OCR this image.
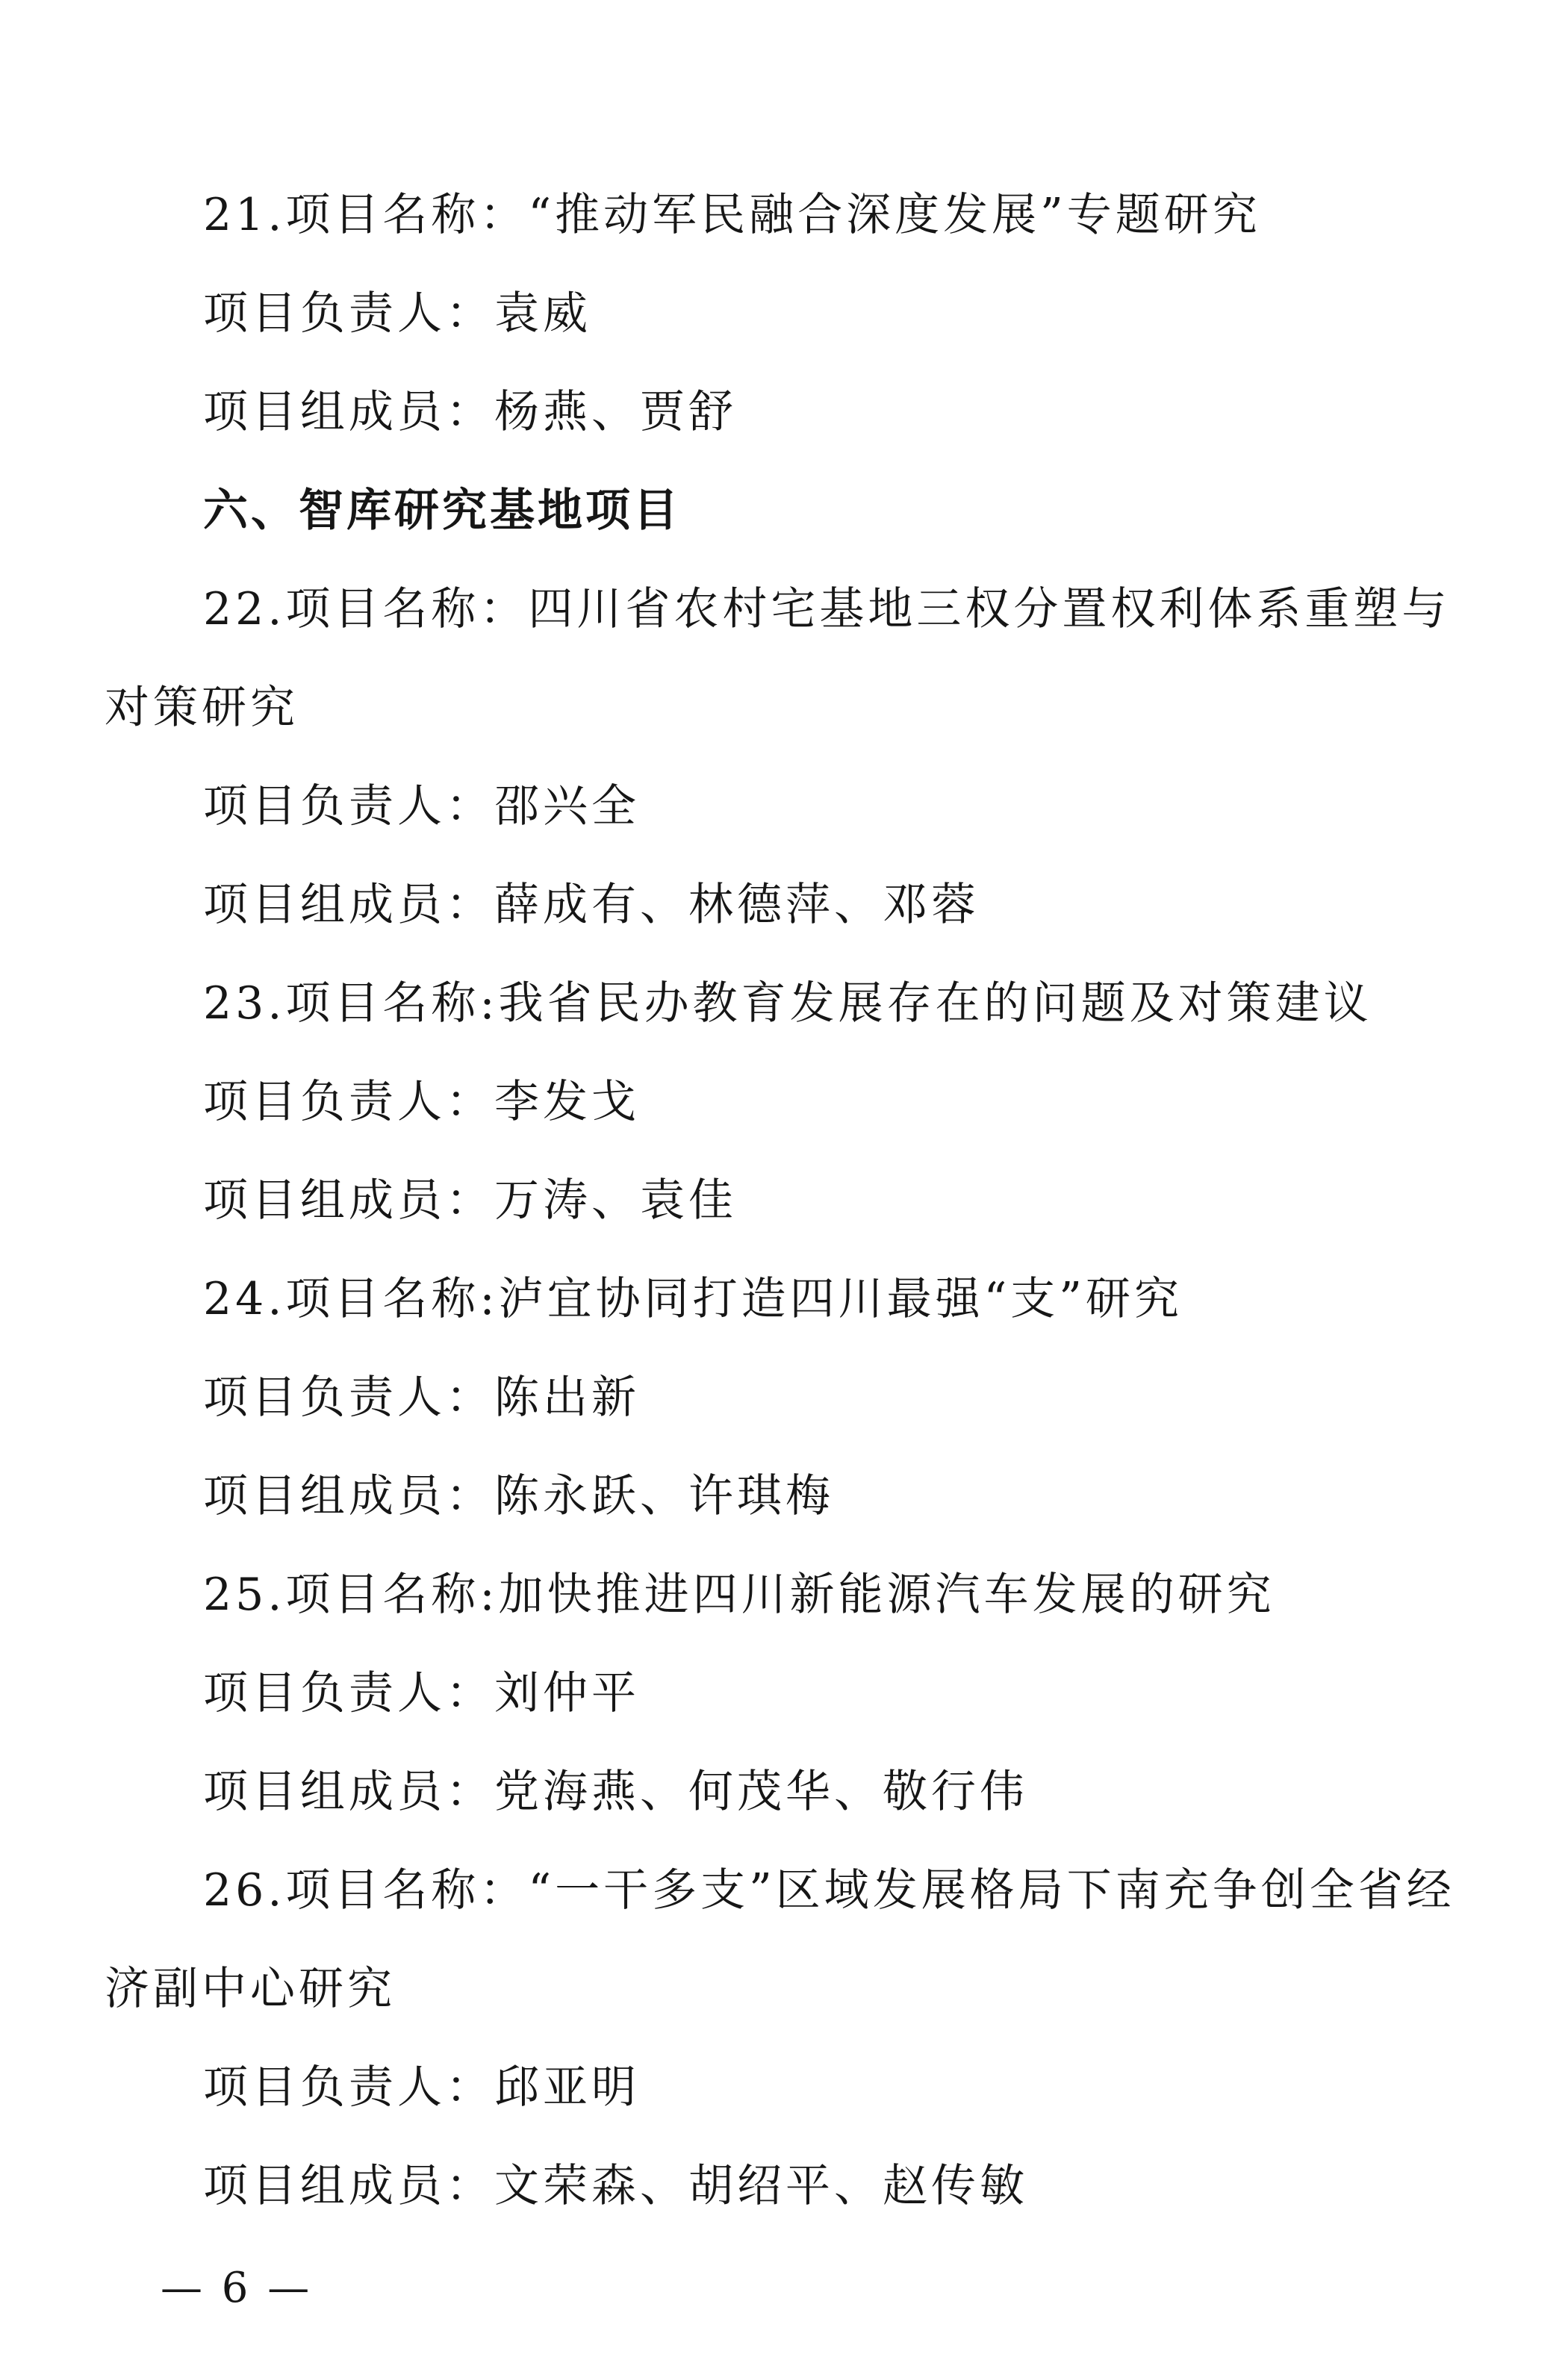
21.项目名称：“推动军民融合深度发展”专题研究

项目负责人：袁威

项目组成员：杨燕、贾舒

六、智库研究基地项目

22.项目名称：四川省农村宅基地三权分置权利体系重塑与

对策研究

项目负责人：邵兴全

项目组成员：薛成有、林德萍、邓蓉

23.项目名称:我省民办教育发展存在的问题及对策建议

项目负责人：李发戈

项目组成员：万涛、袁佳

24.项目名称:泸宜协同打造四川最强“支”研究

项目负责人：陈出新

项目组成员：陈永跃、许琪梅

25.项目名称:加快推进四川新能源汽车发展的研究

项目负责人：刘仲平

项目组成员：党海燕、何茂华、敬行伟

26.项目名称：“一干多支”区域发展格局下南充争创全省经

济副中心研究

项目负责人：邱亚明

项目组成员：文荣森、胡绍平、赵传敏

— 6 —
